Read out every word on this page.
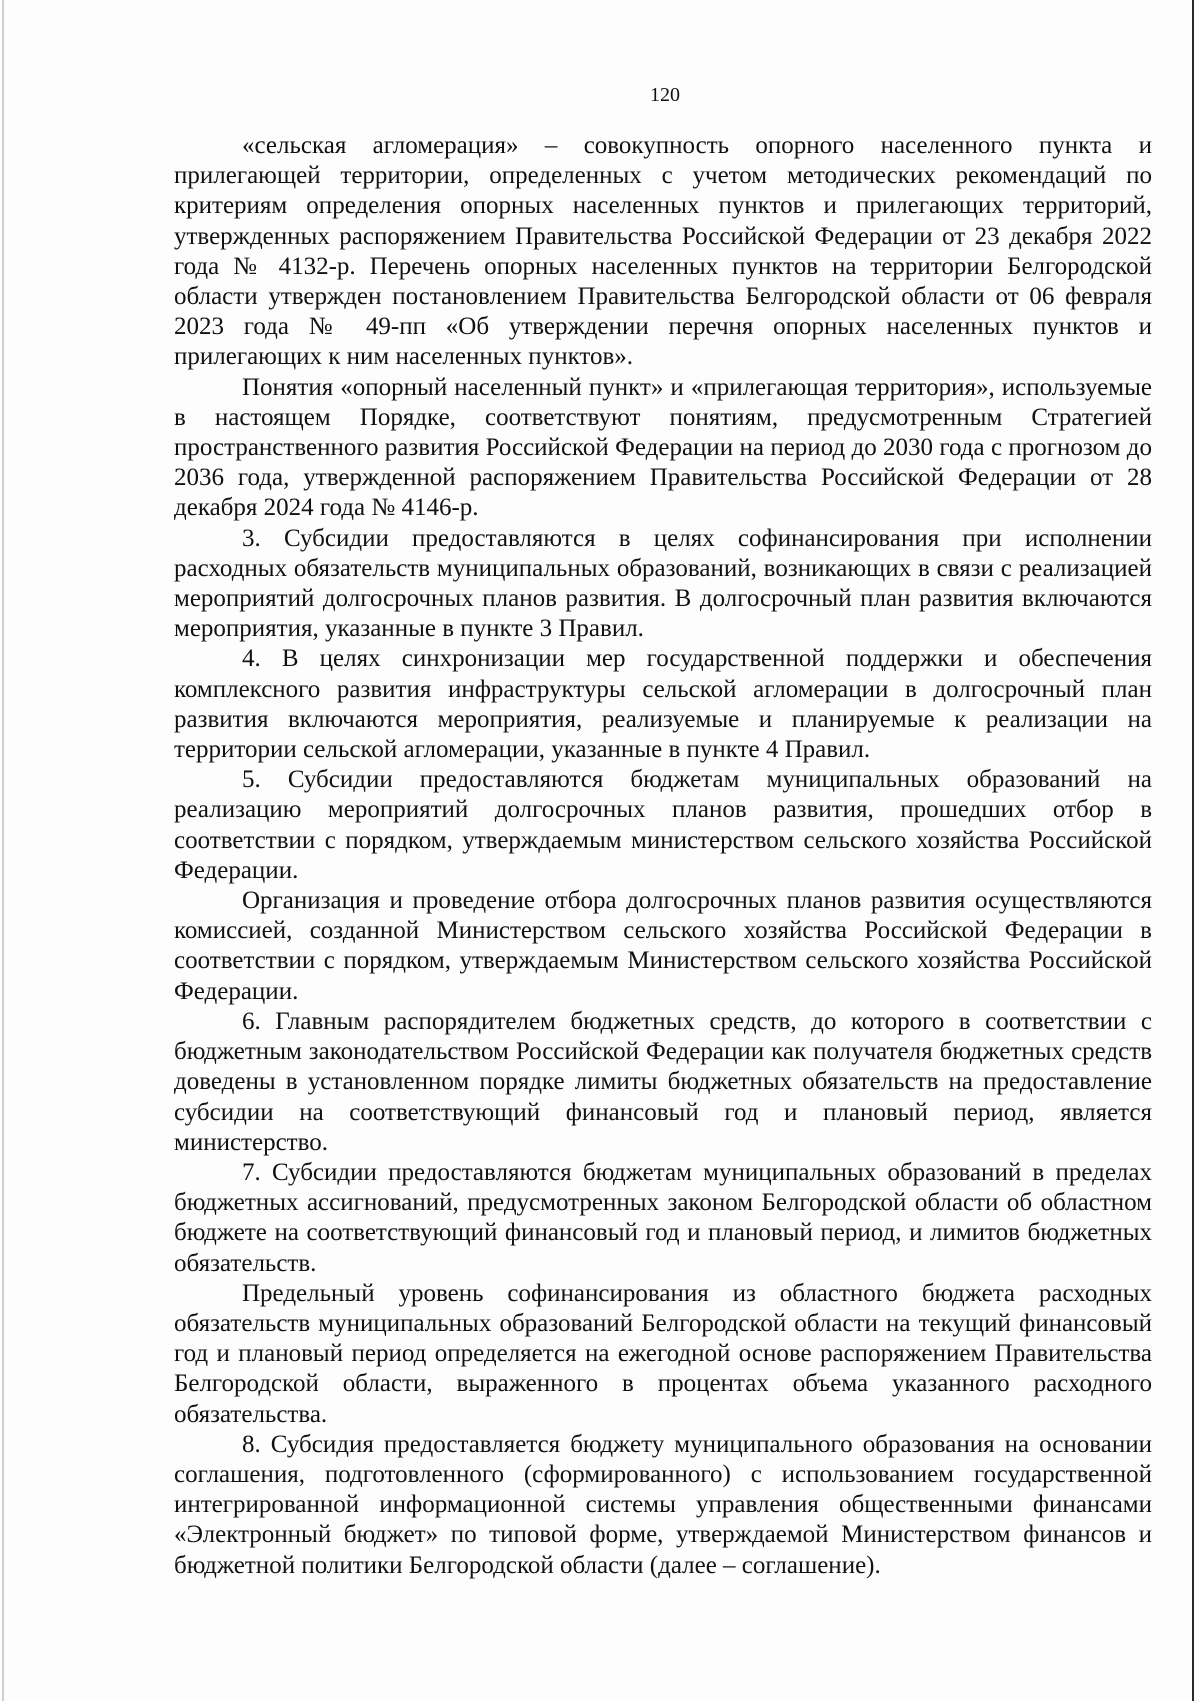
120

«сельская агломерация» – совокупность опорного населенного пункта и прилегающей территории, определенных с учетом методических рекомендаций по критериям определения опорных населенных пунктов и прилегающих территорий, утвержденных распоряжением Правительства Российской Федерации от 23 декабря 2022 года № 4132-р. Перечень опорных населенных пунктов на территории Белгородской области утвержден постановлением Правительства Белгородской области от 06 февраля 2023 года № 49-пп «Об утверждении перечня опорных населенных пунктов и прилегающих к ним населенных пунктов».

Понятия «опорный населенный пункт» и «прилегающая территория», используемые в настоящем Порядке, соответствуют понятиям, предусмотренным Стратегией пространственного развития Российской Федерации на период до 2030 года с прогнозом до 2036 года, утвержденной распоряжением Правительства Российской Федерации от 28 декабря 2024 года № 4146-р.

3. Субсидии предоставляются в целях софинансирования при исполнении расходных обязательств муниципальных образований, возникающих в связи с реализацией мероприятий долгосрочных планов развития. В долгосрочный план развития включаются мероприятия, указанные в пункте 3 Правил.

4. В целях синхронизации мер государственной поддержки и обеспечения комплексного развития инфраструктуры сельской агломерации в долгосрочный план развития включаются мероприятия, реализуемые и планируемые к реализации на территории сельской агломерации, указанные в пункте 4 Правил.

5. Субсидии предоставляются бюджетам муниципальных образований на реализацию мероприятий долгосрочных планов развития, прошедших отбор в соответствии с порядком, утверждаемым министерством сельского хозяйства Российской Федерации.

Организация и проведение отбора долгосрочных планов развития осуществляются комиссией, созданной Министерством сельского хозяйства Российской Федерации в соответствии с порядком, утверждаемым Министерством сельского хозяйства Российской Федерации.

6. Главным распорядителем бюджетных средств, до которого в соответствии с бюджетным законодательством Российской Федерации как получателя бюджетных средств доведены в установленном порядке лимиты бюджетных обязательств на предоставление субсидии на соответствующий финансовый год и плановый период, является министерство.

7. Субсидии предоставляются бюджетам муниципальных образований в пределах бюджетных ассигнований, предусмотренных законом Белгородской области об областном бюджете на соответствующий финансовый год и плановый период, и лимитов бюджетных обязательств.

Предельный уровень софинансирования из областного бюджета расходных обязательств муниципальных образований Белгородской области на текущий финансовый год и плановый период определяется на ежегодной основе распоряжением Правительства Белгородской области, выраженного в процентах объема указанного расходного обязательства.

8. Субсидия предоставляется бюджету муниципального образования на основании соглашения, подготовленного (сформированного) с использованием государственной интегрированной информационной системы управления общественными финансами «Электронный бюджет» по типовой форме, утверждаемой Министерством финансов и бюджетной политики Белгородской области (далее – соглашение).
